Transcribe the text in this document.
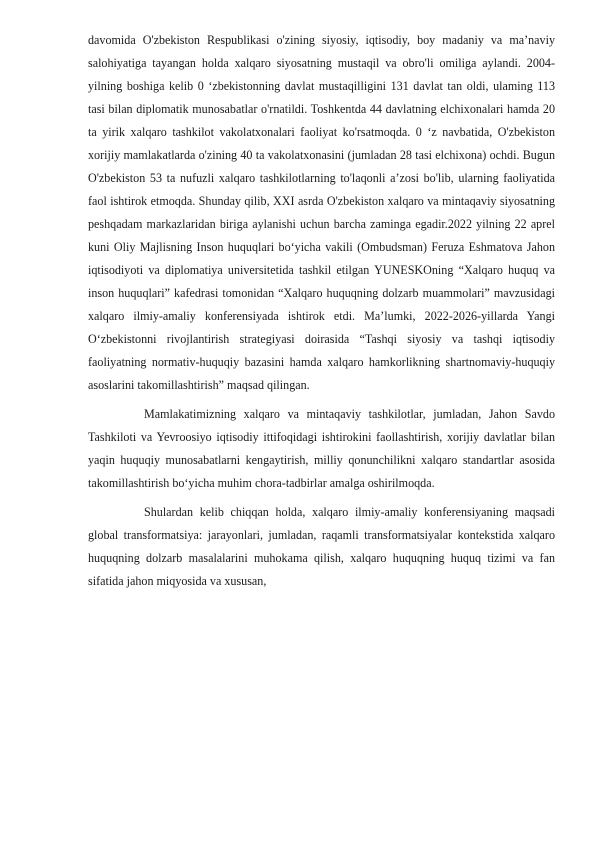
davomida O'zbekiston Respublikasi o'zining siyosiy, iqtisodiy, boy madaniy va ma’naviy salohiyatiga tayangan holda xalqaro siyosatning mustaqil va obro'li omiliga aylandi. 2004-yilning boshiga kelib 0 ‘zbekistonning davlat mustaqilligini 131 davlat tan oldi, ulaming 113 tasi bilan diplomatik munosabatlar o'rnatildi. Toshkentda 44 davlatning elchixonalari hamda 20 ta yirik xalqaro tashkilot vakolatxonalari faoliyat ko'rsatmoqda. 0 ‘z navbatida, O'zbekiston xorijiy mamlakatlarda o'zining 40 ta vakolatxonasini (jumladan 28 tasi elchixona) ochdi. Bugun O'zbekiston 53 ta nufuzli xalqaro tashkilotlarning to'laqonli a’zosi bo'lib, ularning faoliyatida faol ishtirok etmoqda. Shunday qilib, XXI asrda O'zbekiston xalqaro va mintaqaviy siyosatning peshqadam markazlaridan biriga aylanishi uchun barcha zaminga egadir.2022 yilning 22 aprel kuni Oliy Majlisning Inson huquqlari bo‘yicha vakili (Ombudsman) Feruza Eshmatova Jahon iqtisodiyoti va diplomatiya universitetida tashkil etilgan YUNESKOning “Xalqaro huquq va inson huquqlari” kafedrasi tomonidan “Xalqaro huquqning dolzarb muammolari” mavzusidagi xalqaro ilmiy-amaliy konferensiyada ishtirok etdi. Ma’lumki, 2022-2026-yillarda Yangi O‘zbekistonni rivojlantirish strategiyasi doirasida “Tashqi siyosiy va tashqi iqtisodiy faoliyatning normativ-huquqiy bazasini hamda xalqaro hamkorlikning shartnomaviy-huquqiy asoslarini takomillashtirish” maqsad qilingan.

Mamlakatimizning xalqaro va mintaqaviy tashkilotlar, jumladan, Jahon Savdo Tashkiloti va Yevroosiyo iqtisodiy ittifoqidagi ishtirokini faollashtirish, xorijiy davlatlar bilan yaqin huquqiy munosabatlarni kengaytirish, milliy qonunchilikni xalqaro standartlar asosida takomillashtirish bo‘yicha muhim chora-tadbirlar amalga oshirilmoqda.

Shulardan kelib chiqqan holda, xalqaro ilmiy-amaliy konferensiyaning maqsadi global transformatsiya: jarayonlari, jumladan, raqamli transformatsiyalar kontekstida xalqaro huquqning dolzarb masalalarini muhokama qilish, xalqaro huquqning huquq tizimi va fan sifatida jahon miqyosida va xususan,
